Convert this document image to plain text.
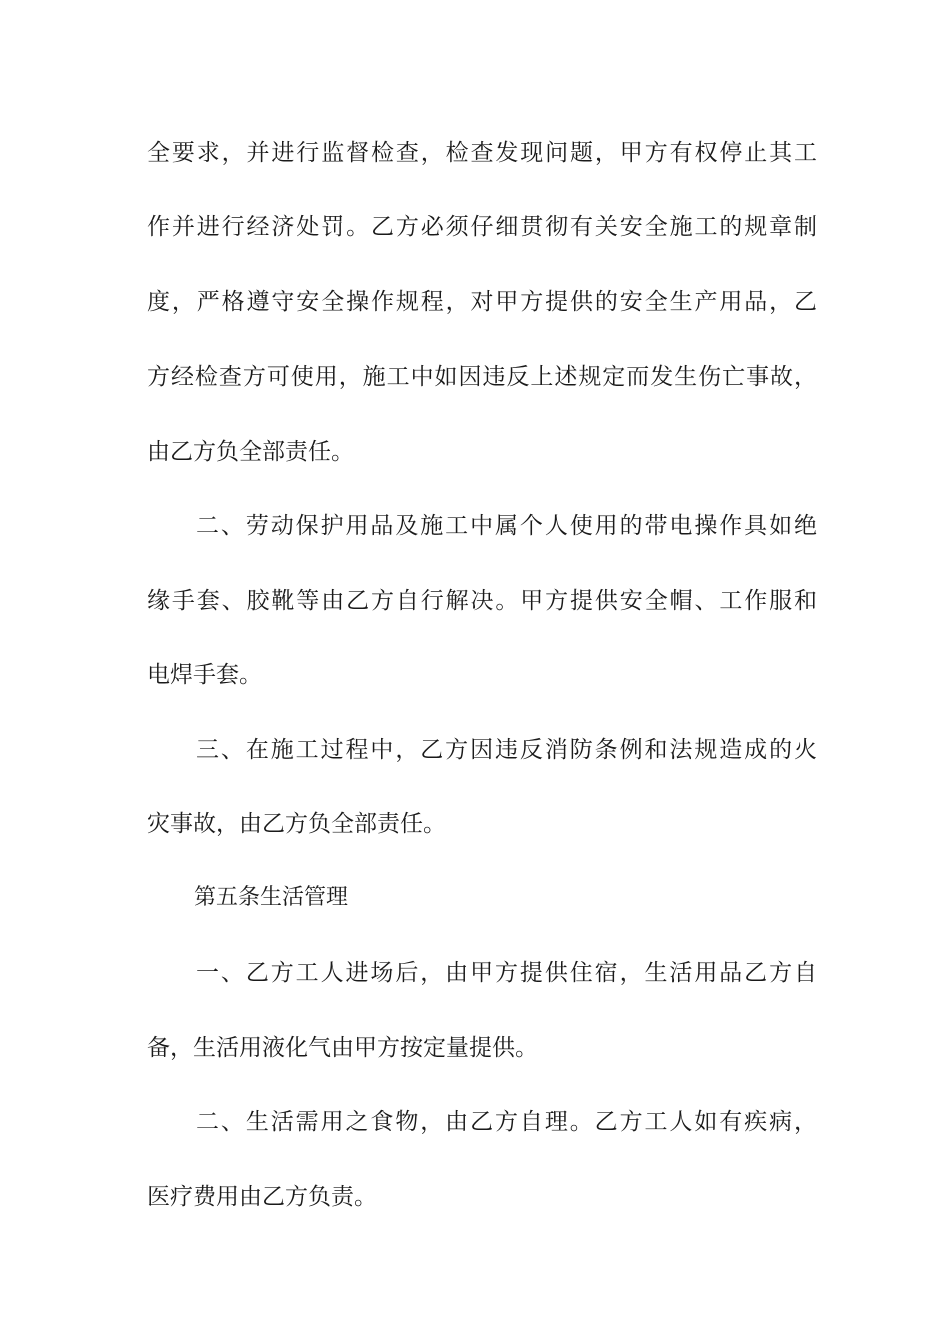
全要求，并进行监督检查，检查发现问题，甲方有权停止其工
作并进行经济处罚。乙方必须仔细贯彻有关安全施工的规章制
度，严格遵守安全操作规程，对甲方提供的安全生产用品，乙
方经检查方可使用，施工中如因违反上述规定而发生伤亡事故，
由乙方负全部责任。
二、劳动保护用品及施工中属个人使用的带电操作具如绝
缘手套、胶靴等由乙方自行解决。甲方提供安全帽、工作服和
电焊手套。
三、在施工过程中，乙方因违反消防条例和法规造成的火
灾事故，由乙方负全部责任。
第五条生活管理
一、乙方工人进场后，由甲方提供住宿，生活用品乙方自
备，生活用液化气由甲方按定量提供。
二、生活需用之食物，由乙方自理。乙方工人如有疾病，
医疗费用由乙方负责。
